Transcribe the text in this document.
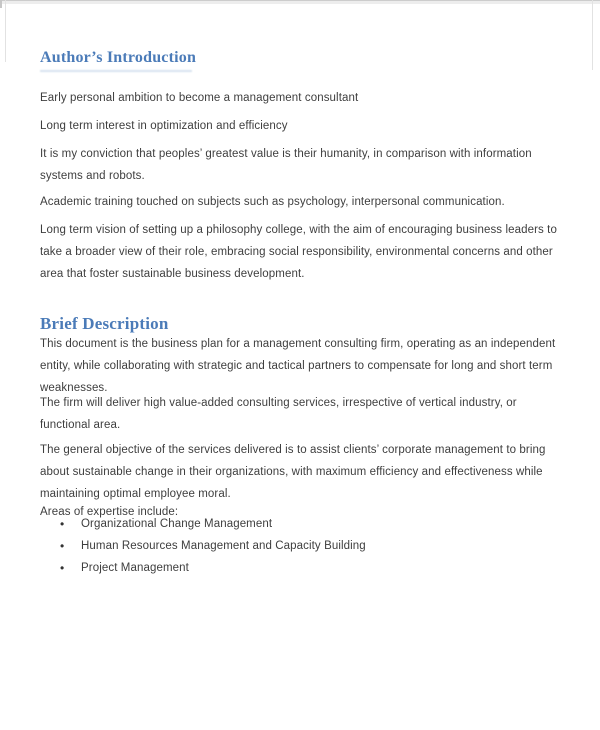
Author’s Introduction

Early personal ambition to become a management consultant

Long term interest in optimization and efficiency

It is my conviction that peoples’ greatest value is their humanity, in comparison with information systems and robots.

Academic training touched on subjects such as psychology, interpersonal communication.

Long term vision of setting up a philosophy college, with the aim of encouraging business leaders to take a broader view of their role, embracing social responsibility, environmental concerns and other area that foster sustainable business development.

Brief Description

This document is the business plan for a management consulting firm, operating as an independent entity, while collaborating with strategic and tactical partners to compensate for long and short term weaknesses.

The firm will deliver high value-added consulting services, irrespective of vertical industry, or functional area.

The general objective of the services delivered is to assist clients’ corporate management to bring about sustainable change in their organizations, with maximum efficiency and effectiveness while maintaining optimal employee moral.

Areas of expertise include:

• Organizational Change Management
• Human Resources Management and Capacity Building
• Project Management
